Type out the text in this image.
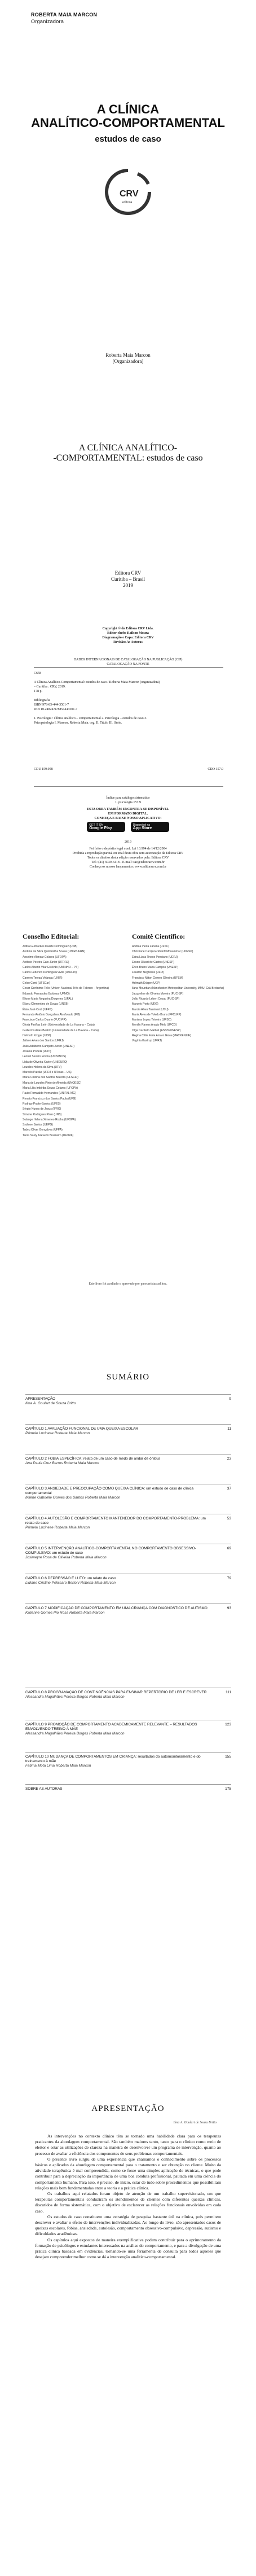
ROBERTA MAIA MARCON
Organizadora
A CLÍNICA
ANALÍTICO-COMPORTAMENTAL
estudos de caso
CRV
editora
Roberta Maia Marcon
(Organizadora)
A CLÍNICA ANALÍTICO-
-COMPORTAMENTAL: estudos de caso
Editora CRV
Curitiba – Brasil
2019
Copyright © da Editora CRV Ltda.
Editor-chefe: Railson Moura
Diagramação e Capa: Editora CRV
Revisão: As Autoras
DADOS INTERNACIONAIS DE CATALOGAÇÃO NA PUBLICAÇÃO (CIP)
CATALOGAÇÃO NA FONTE
C658
A Clínica Analítico-Comportamental: estudos de caso / Roberta Maia Marcon (organizadora)
– Curitiba : CRV, 2019.
178 p.
Bibliografia
ISBN 978-85-444-3501-7
DOI 10.24824/978854443501.7
1. Psicologia : clínica analítico – comportamental 2. Psicologia – estudos de caso 3.
Psicopatologia I. Marcon, Roberta Maia. org. II. Título III. Série.
CDU 159.958	CDD 157.9
Índice para catálogo sistemático
1. psicologia 157.9
ESTA OBRA TAMBÉM ENCONTRA-SE DISPONÍVEL
EM FORMATO DIGITAL.
CONHEÇA E BAIXE NOSSO APLICATIVO!
GET IT ON
Google Play
Disponível na
App Store
2019
Foi feito o depósito legal conf. Lei 10.994 de 14/12/2004
Proibida a reprodução parcial ou total desta obra sem autorização da Editora CRV
Todos os direitos desta edição reservados pela: Editora CRV
Tel.: (41) 3039-6418 - E-mail: sac@editoracrv.com.br
Conheça os nossos lançamentos: www.editoracrv.com.br
Conselho Editorial:
Aldira Guimarães Duarte Domínguez (UNB)
Andréia da Silva Quintanilha Sousa (UNIR/UFRN)
Anselmo Alencar Colares (UFOPA)
Antônio Pereira Gaio Júnior (UFRRJ)
Carlos Alberto Vilar Estêvão (UMINHO – PT)
Carlos Federico Dominguez Avila (Unieuro)
Carmen Tereza Velanga (UNIR)
Celso Conti (UFSCar)
Cesar Gerónimo Tello (Univer. Nacional Três de Febrero – Argentina)
Eduardo Fernandes Barbosa (UFMG)
Elione Maria Nogueira Diogenes (UFAL)
Elizeu Clementino de Souza (UNEB)
Élsio José Corá (UFFS)
Fernando Antônio Gonçalves Alcoforado (IPB)
Francisco Carlos Duarte (PUC-PR)
Gloria Fariñas León (Universidade de La Havana – Cuba)
Guillermo Arias Beatón (Universidade de La Havana – Cuba)
Helmuth Krüger (UCP)
Jailson Alves dos Santos (UFRJ)
João Adalberto Campato Junior (UNESP)
Josania Portela (UFPI)
Leonel Severo Rocha (UNISINOS)
Lídia de Oliveira Xavier (UNIEURO)
Lourdes Helena da Silva (UFV)
Marcelo Paixão (UFRJ e UTexas – US)
Maria Cristina dos Santos Bezerra (UFSCar)
Maria de Lourdes Pinto de Almeida (UNOESC)
Maria Lília Imbiriba Sousa Colares (UFOPA)
Paulo Romualdo Hernandes (UNIFAL-MG)
Renato Francisco dos Santos Paula (UFG)
Rodrigo Pratte-Santos (UFES)
Sérgio Nunes de Jesus (IFRO)
Simone Rodrigues Pinto (UNB)
Solange Helena Ximenes-Rocha (UFOPA)
Sydione Santos (UEPG)
Tadeu Oliver Gonçalves (UFPA)
Tania Suely Azevedo Brasileiro (UFOPA)
Comitê Científico:
Andrea Vieira Zanella (UFSC)
Christiane Carrijo Eckhardt Mouammar (UNESP)
Edna Lúcia Tinoco Ponciano (UERJ)
Edson Olivari de Castro (UNESP)
Érico Bruno Viana Campos (UNESP)
Fauston Negreiros (UFPI)
Francisco Nilton Gomes Oliveira (UFSM)
Helmuth Krüger (UCP)
Ilana Mountian (Manchester Metropolitan University, MMU, Grã-Bretanha)
Jacqueline de Oliveira Moreira (PUC-SP)
João Ricardo Lebert Cozac (PUC-SP)
Marcelo Porto (UEG)
Marcia Alves Tassinari (USU)
Maria Alves de Toledo Bruns (FFCLRP)
Mariana Lopez Teixeira (UFSC)
Monilly Ramos Araujo Melo (UFCG)
Olga Ceciliato Mattioli (ASSIS/UNESP)
Regina Célia Faria Amaro Giora (MACKENZIE)
Virgínia Kastrup (UFRJ)
Este livro foi avaliado e aprovado por pareceristas ad hoc.
SUMÁRIO
APRESENTAÇÃO	9
Ilma A. Goulart de Souza Britto
CAPÍTULO 1 AVALIAÇÃO FUNCIONAL DE UMA QUEIXA ESCOLAR	11
Pâmela Lucinese Roberta Maia Marcon
CAPÍTULO 2 FOBIA ESPECÍFICA: relato de um caso de medo de andar de ônibus	23
Ana Paula Cruz Barros Roberta Maia Marcon
CAPÍTULO 3 ANSIEDADE E PREOCUPAÇÃO COMO QUEIXA CLÍNICA: um estudo de caso de clínica comportamental
37
Milene Gabrielle Gomes dos Santos Roberta Maia Marcon
CAPÍTULO 4 AUTOLESÃO E COMPORTAMENTO MANTENEDOR DO COMPORTAMENTO-PROBLEMA: um relato de caso
53
Pâmela Lucinese Roberta Maia Marcon
CAPÍTULO 5 INTERVENÇÃO ANALÍTICO-COMPORTAMENTAL NO COMPORTAMENTO OBSESSIVO-COMPULSIVO: um estudo de caso
69
Josimeyre Rosa de Oliveira Roberta Maia Marcon
CAPÍTULO 6 DEPRESSÃO E LUTO: um relato de caso	79
Lidiane Cristine Pelissaro Bertoni Roberta Maia Marcon
CAPÍTULO 7 MODIFICAÇÃO DE COMPORTAMENTO EM UMA CRIANÇA COM DIAGNÓSTICO DE AUTISMO	93
Kalianne Gomes Pio Rosa Roberta Maia Marcon
CAPÍTULO 8 PROGRAMAÇÃO DE CONTINGÊNCIAS PARA ENSINAR REPERTÓRIO DE LER E ESCREVER	111
Alessandra Magalhães Pereira Borges Roberta Maia Marcon
CAPÍTULO 9 PROMOÇÃO DE COMPORTAMENTO ACADEMICAMENTE RELEVANTE – RESULTADOS ENVOLVENDO TREINO À MÃE
123
Alessandra Magalhães Pereira Borges Roberta Maia Marcon
CAPÍTULO 10 MUDANÇA DE COMPORTAMENTOS EM CRIANÇA: resultados do automonitoramento e do treinamento à mãe
155
Fátima Mota Lima Roberta Maia Marcon
SOBRE AS AUTORAS	175
APRESENTAÇÃO
Ilma A. Goulart de Souza Britto

As intervenções no contexto clínico têm se tornado uma habilidade clara para os terapeutas praticantes da abordagem comportamental. São também maiores tanto, tanto para o clínico como meio de eleitor e estar as utilizações de clareza na maneira de desenvolver um programa de intervenção, quanto ao processo de avaliar a eficiência dos componentes de seus problemas comportamentais.

O presente livro surgiu de uma experiência que chamamos o conhecimento sobre os processos básicos e aplicados da abordagem comportamental para o tratamento e ser obtenção no cliente. Muito da atividade terapêutica é mal compreendida, como se fosse uma simples aplicação de técnicas, o que pode contribuir para a depreciação da importância de uma boa conduta profissional, pautada em uma ciência do comportamento humano. Para isso, é preciso, de início, estar de tudo sobre procedimentos que possibilitam relações mais bem fundamentadas entre a teoria e a prática clínica.

Os trabalhos aqui relatados foram objeto de atenção de um trabalho supervisionado, em que terapeutas comportamentais conduziram os atendimentos de clientes com diferentes queixas clínicas, discutidos de forma sistemática, com o objetivo de esclarecer as relações funcionais envolvidas em cada caso.

Os estudos de caso constituem uma estratégia de pesquisa bastante útil na clínica, pois permitem descrever e avaliar o efeito de intervenções individualizadas. Ao longo do livro, são apresentados casos de queixas escolares, fobias, ansiedade, autolesão, comportamento obsessivo-compulsivo, depressão, autismo e dificuldades acadêmicas.

Os capítulos aqui expostos de maneira exemplificativa podem contribuir para o aprimoramento da formação de psicólogos e estudantes interessados na análise do comportamento, e para a divulgação de uma prática clínica baseada em evidências, tornando-se uma ferramenta de consulta para todos aqueles que desejam compreender melhor como se dá a intervenção analítico-comportamental.
